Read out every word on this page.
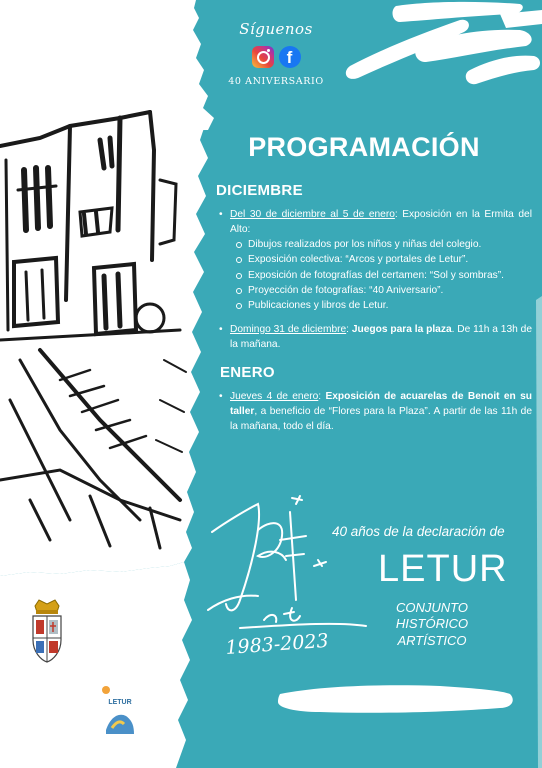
1983-2023
Síguenos
f
40 ANIVERSARIO
PROGRAMACIÓN
DICIEMBRE
• Del 30 de diciembre al 5 de enero: Exposición en la Ermita del Alto:
Dibujos realizados por los niños y niñas del colegio.
Exposición colectiva: “Arcos y portales de Letur”.
Exposición de fotografías del certamen: “Sol y sombras”.
Proyección de fotografías: “40 Aniversario”.
Publicaciones y libros de Letur.
• Domingo 31 de diciembre: Juegos para la plaza. De 11h a 13h de la mañana.
ENERO
• Jueves 4 de enero: Exposición de acuarelas de Benoit en su taller, a beneficio de “Flores para la Plaza”. A partir de las 11h de la mañana, todo el día.
40 años de la declaración de
LETUR
CONJUNTO
HISTÓRICO
ARTÍSTICO
LETUR
